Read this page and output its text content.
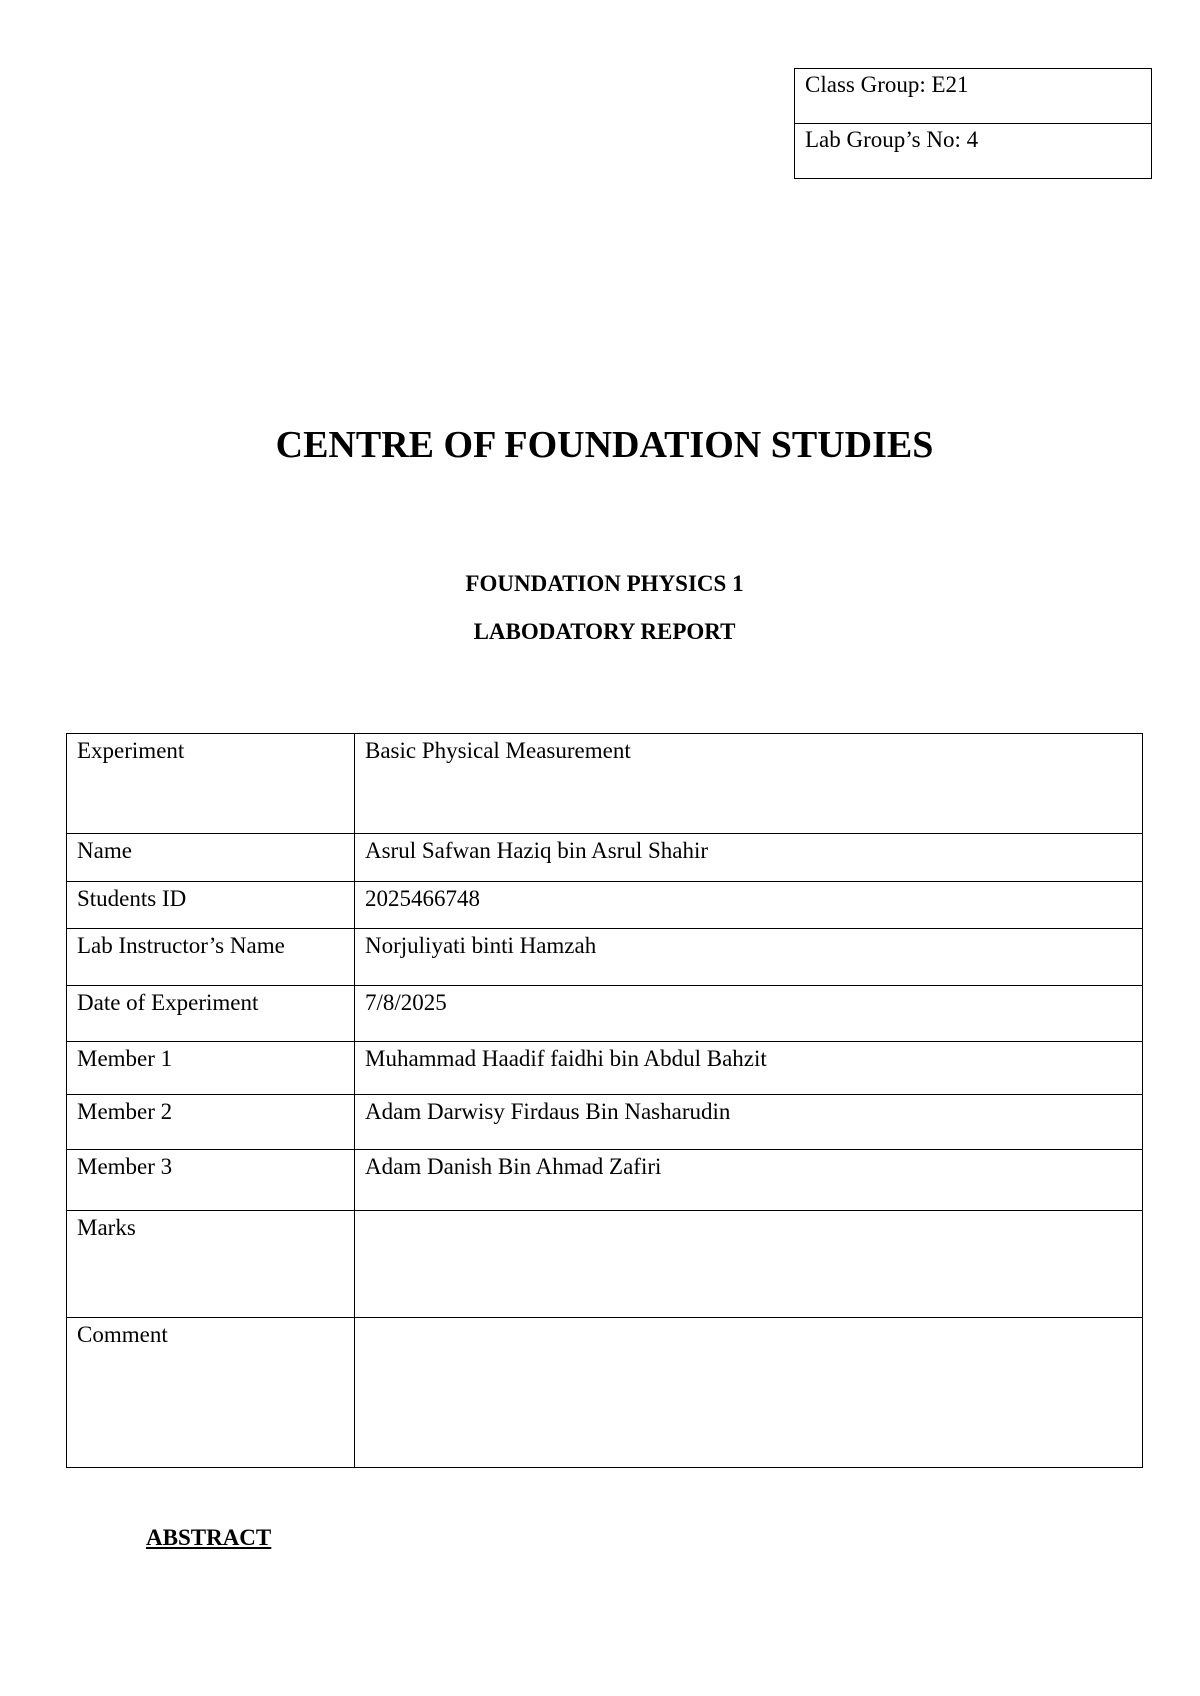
Class Group: E21
Lab Group’s No: 4
CENTRE OF FOUNDATION STUDIES

FOUNDATION PHYSICS 1

LABODATORY REPORT

Experiment	Basic Physical Measurement
Name	Asrul Safwan Haziq bin Asrul Shahir
Students ID	2025466748
Lab Instructor’s Name	Norjuliyati binti Hamzah
Date of Experiment	7/8/2025
Member 1	Muhammad Haadif faidhi bin Abdul Bahzit
Member 2	Adam Darwisy Firdaus Bin Nasharudin
Member 3	Adam Danish Bin Ahmad Zafiri
Marks	
Comment	

ABSTRACT
